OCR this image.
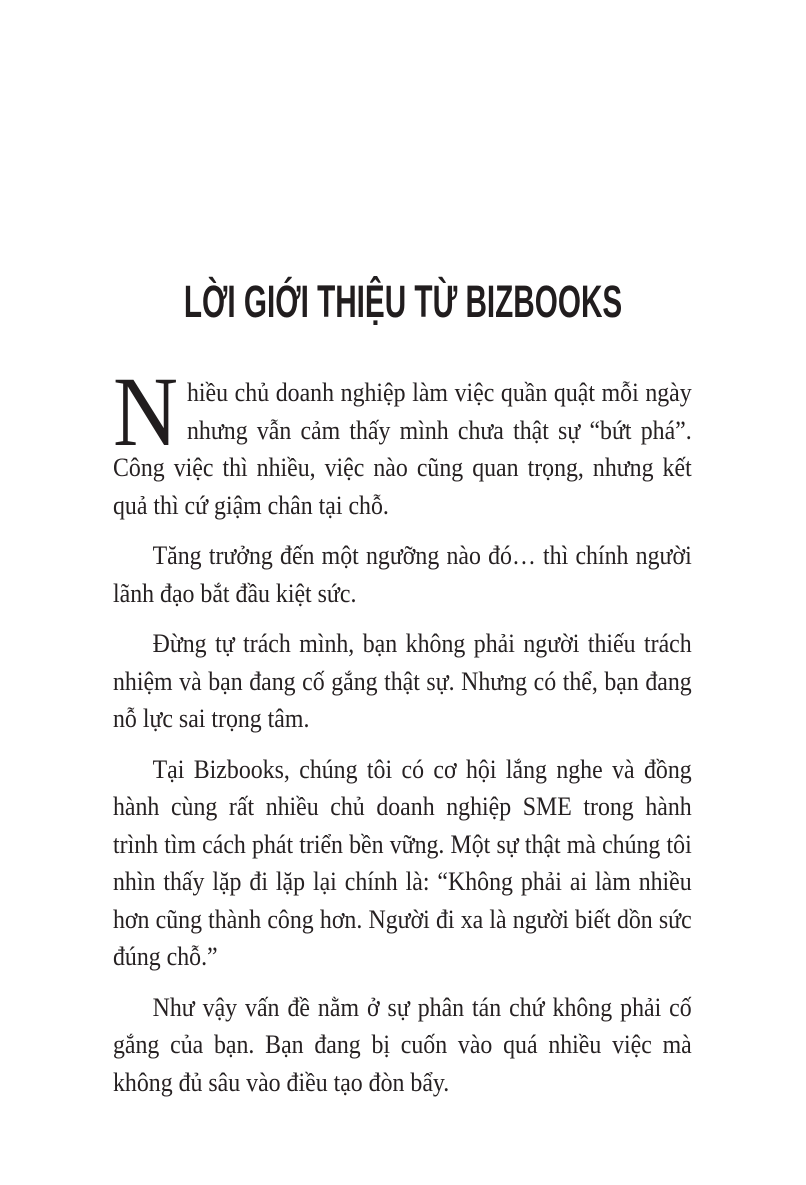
LỜI GIỚI THIỆU TỪ BIZBOOKS

Nhiều chủ doanh nghiệp làm việc quần quật mỗi ngày nhưng vẫn cảm thấy mình chưa thật sự “bứt phá”. Công việc thì nhiều, việc nào cũng quan trọng, nhưng kết quả thì cứ giậm chân tại chỗ.

Tăng trưởng đến một ngưỡng nào đó… thì chính người lãnh đạo bắt đầu kiệt sức.

Đừng tự trách mình, bạn không phải người thiếu trách nhiệm và bạn đang cố gắng thật sự. Nhưng có thể, bạn đang nỗ lực sai trọng tâm.

Tại Bizbooks, chúng tôi có cơ hội lắng nghe và đồng hành cùng rất nhiều chủ doanh nghiệp SME trong hành trình tìm cách phát triển bền vững. Một sự thật mà chúng tôi nhìn thấy lặp đi lặp lại chính là: “Không phải ai làm nhiều hơn cũng thành công hơn. Người đi xa là người biết dồn sức đúng chỗ.”

Như vậy vấn đề nằm ở sự phân tán chứ không phải cố gắng của bạn. Bạn đang bị cuốn vào quá nhiều việc mà không đủ sâu vào điều tạo đòn bẩy.
